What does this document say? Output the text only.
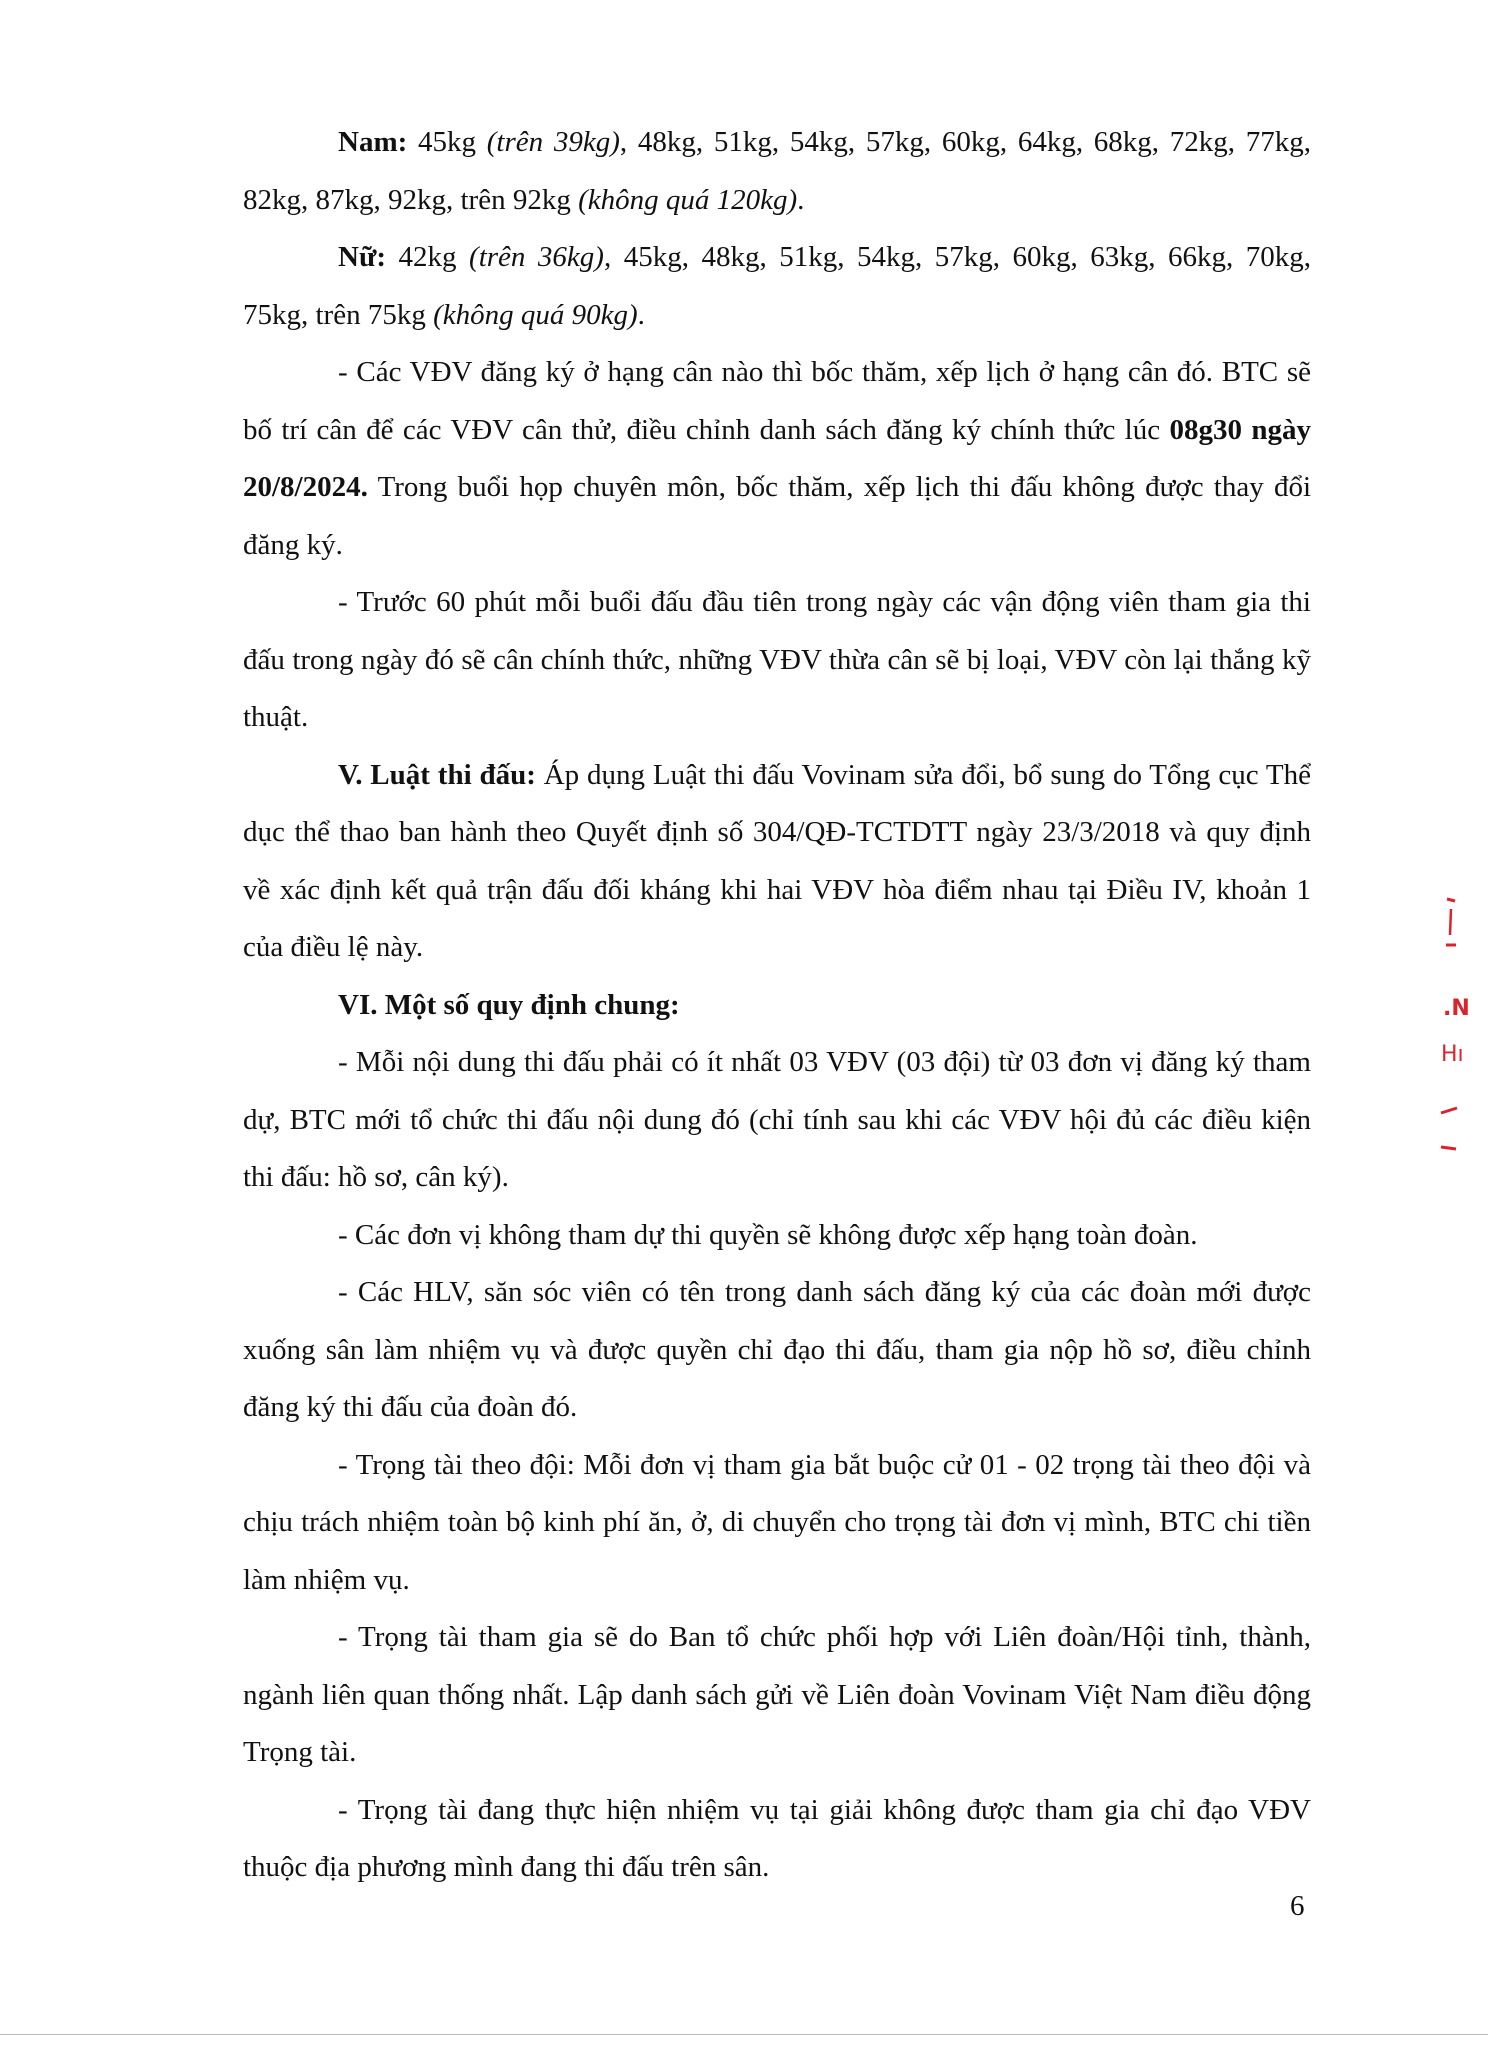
Nam: 45kg (trên 39kg), 48kg, 51kg, 54kg, 57kg, 60kg, 64kg, 68kg, 72kg, 77kg, 82kg, 87kg, 92kg, trên 92kg (không quá 120kg).

Nữ: 42kg (trên 36kg), 45kg, 48kg, 51kg, 54kg, 57kg, 60kg, 63kg, 66kg, 70kg, 75kg, trên 75kg (không quá 90kg).

- Các VĐV đăng ký ở hạng cân nào thì bốc thăm, xếp lịch ở hạng cân đó. BTC sẽ bố trí cân để các VĐV cân thử, điều chỉnh danh sách đăng ký chính thức lúc 08g30 ngày 20/8/2024. Trong buổi họp chuyên môn, bốc thăm, xếp lịch thi đấu không được thay đổi đăng ký.

- Trước 60 phút mỗi buổi đấu đầu tiên trong ngày các vận động viên tham gia thi đấu trong ngày đó sẽ cân chính thức, những VĐV thừa cân sẽ bị loại, VĐV còn lại thắng kỹ thuật.

V. Luật thi đấu: Áp dụng Luật thi đấu Vovinam sửa đổi, bổ sung do Tổng cục Thể dục thể thao ban hành theo Quyết định số 304/QĐ-TCTDTT ngày 23/3/2018 và quy định về xác định kết quả trận đấu đối kháng khi hai VĐV hòa điểm nhau tại Điều IV, khoản 1 của điều lệ này.

VI. Một số quy định chung:

- Mỗi nội dung thi đấu phải có ít nhất 03 VĐV (03 đội) từ 03 đơn vị đăng ký tham dự, BTC mới tổ chức thi đấu nội dung đó (chỉ tính sau khi các VĐV hội đủ các điều kiện thi đấu: hồ sơ, cân ký).

- Các đơn vị không tham dự thi quyền sẽ không được xếp hạng toàn đoàn.

- Các HLV, săn sóc viên có tên trong danh sách đăng ký của các đoàn mới được xuống sân làm nhiệm vụ và được quyền chỉ đạo thi đấu, tham gia nộp hồ sơ, điều chỉnh đăng ký thi đấu của đoàn đó.

- Trọng tài theo đội: Mỗi đơn vị tham gia bắt buộc cử 01 - 02 trọng tài theo đội và chịu trách nhiệm toàn bộ kinh phí ăn, ở, di chuyển cho trọng tài đơn vị mình, BTC chi tiền làm nhiệm vụ.

- Trọng tài tham gia sẽ do Ban tổ chức phối hợp với Liên đoàn/Hội tỉnh, thành, ngành liên quan thống nhất. Lập danh sách gửi về Liên đoàn Vovinam Việt Nam điều động Trọng tài.

- Trọng tài đang thực hiện nhiệm vụ tại giải không được tham gia chỉ đạo VĐV thuộc địa phương mình đang thi đấu trên sân.

6
.N
Hı
